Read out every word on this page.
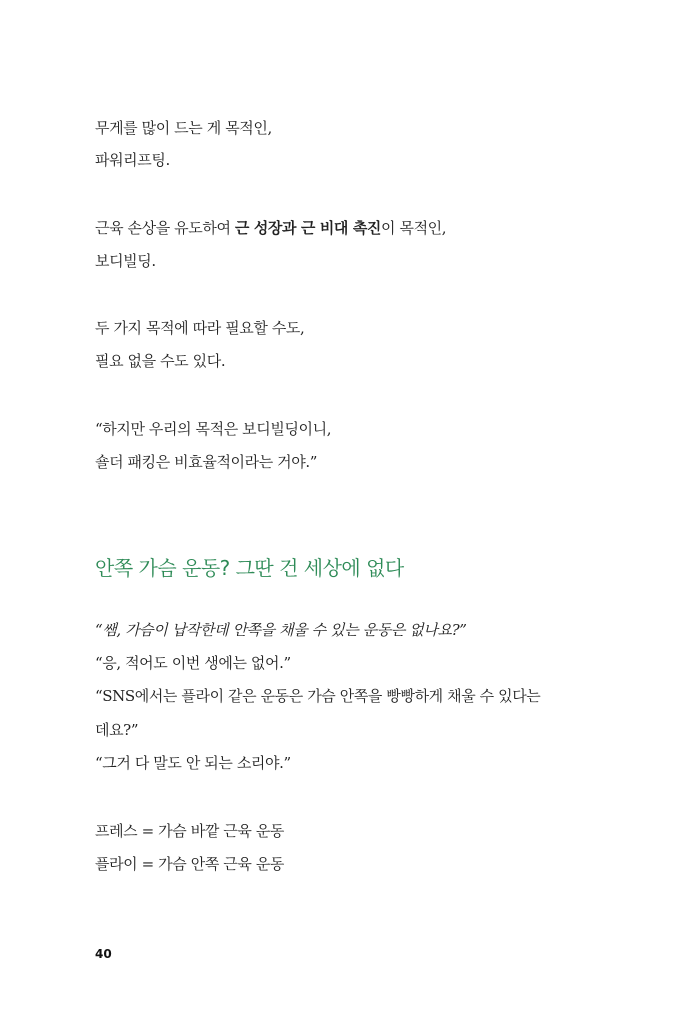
무게를 많이 드는 게 목적인,
파워리프팅.
근육 손상을 유도하여 근 성장과 근 비대 촉진이 목적인,
보디빌딩.
두 가지 목적에 따라 필요할 수도,
필요 없을 수도 있다.
“하지만 우리의 목적은 보디빌딩이니,
숄더 패킹은 비효율적이라는 거야.”
안쪽 가슴 운동? 그딴 건 세상에 없다
“쌤, 가슴이 납작한데 안쪽을 채울 수 있는 운동은 없나요?”
“응, 적어도 이번 생에는 없어.”
“SNS에서는 플라이 같은 운동은 가슴 안쪽을 빵빵하게 채울 수 있다는
데요?”
“그거 다 말도 안 되는 소리야.”
프레스 = 가슴 바깥 근육 운동
플라이 = 가슴 안쪽 근육 운동
40
